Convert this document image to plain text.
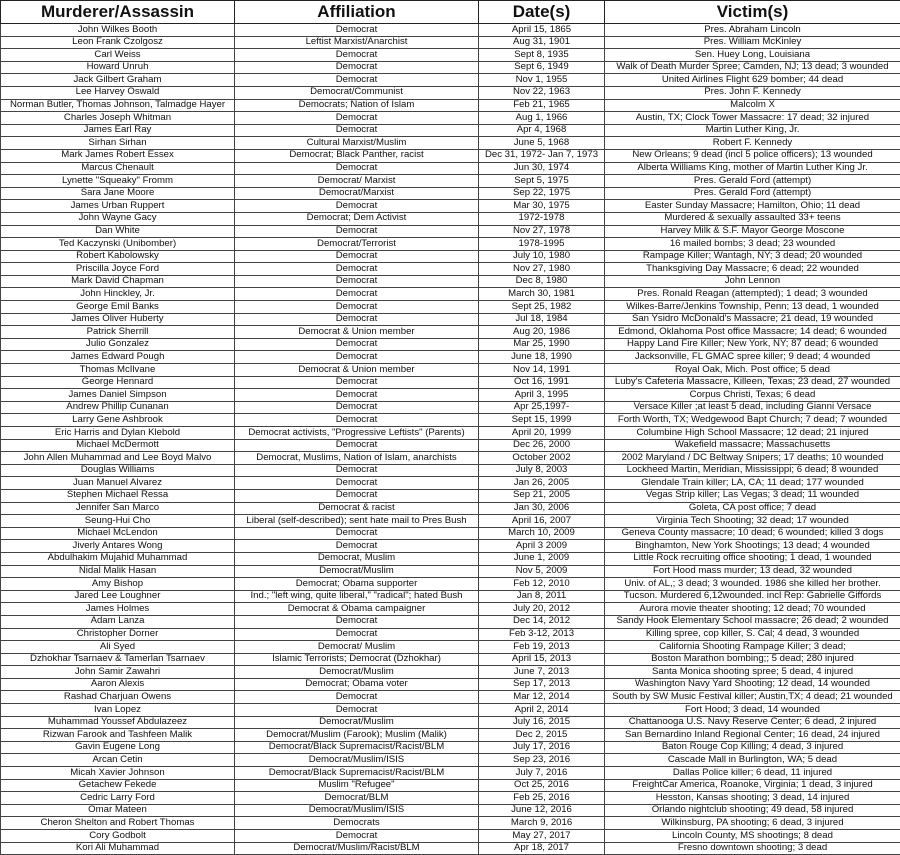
Murderer/Assassin	Affiliation	Date(s)	Victim(s)
John Wilkes Booth	Democrat	April 15, 1865	Pres. Abraham Lincoln
Leon Frank Czolgosz	Leftist Marxist/Anarchist	Aug 31, 1901	Pres. William McKinley
Carl Weiss	Democrat	Sept 8, 1935	Sen. Huey Long, Louisiana
Howard Unruh	Democrat	Sept 6, 1949	Walk of Death Murder Spree; Camden, NJ; 13 dead; 3 wounded
Jack Gilbert Graham	Democrat	Nov 1, 1955	United Airlines Flight 629 bomber; 44 dead
Lee Harvey Oswald	Democrat/Communist	Nov 22, 1963	Pres. John F. Kennedy
Norman Butler, Thomas Johnson, Talmadge Hayer	Democrats; Nation of Islam	Feb 21, 1965	Malcolm X
Charles Joseph Whitman	Democrat	Aug 1, 1966	Austin, TX; Clock Tower Massacre: 17 dead; 32 injured
James Earl Ray	Democrat	Apr 4, 1968	Martin Luther King, Jr.
Sirhan Sirhan	Cultural Marxist/Muslim	June 5, 1968	Robert F. Kennedy
Mark James Robert Essex	Democrat; Black Panther, racist	Dec 31, 1972- Jan 7, 1973	New Orleans; 9 dead (incl 5 police officers); 13 wounded
Marcus Chenault	Democrat	Jun 30, 1974	Alberta Williams King, mother of Martin Luther King Jr.
Lynette "Squeaky" Fromm	Democrat/ Marxist	Sept 5, 1975	Pres. Gerald Ford (attempt)
Sara Jane Moore	Democrat/Marxist	Sep 22, 1975	Pres. Gerald Ford (attempt)
James Urban Ruppert	Democrat	Mar 30, 1975	Easter Sunday Massacre; Hamilton, Ohio; 11 dead
John Wayne Gacy	Democrat; Dem Activist	1972-1978	Murdered & sexually assaulted 33+ teens
Dan White	Democrat	Nov 27, 1978	Harvey Milk & S.F. Mayor George Moscone
Ted Kaczynski (Unibomber)	Democrat/Terrorist	1978-1995	16 mailed bombs; 3 dead; 23 wounded
Robert Kabolowsky	Democrat	July 10, 1980	Rampage Killer; Wantagh, NY; 3 dead; 20 wounded
Priscilla Joyce Ford	Democrat	Nov 27, 1980	Thanksgiving Day Massacre; 6 dead; 22 wounded
Mark David Chapman	Democrat	Dec 8, 1980	John Lennon
John Hinckley, Jr.	Democrat	March 30, 1981	Pres. Ronald Reagan (attempted); 1 dead; 3 wounded
George Emil Banks	Democrat	Sept 25, 1982	Wilkes-Barre/Jenkins Township, Penn; 13 dead, 1 wounded
James Oliver Huberty	Democrat	Jul 18, 1984	San Ysidro McDonald's Massacre; 21 dead, 19 wounded
Patrick Sherrill	Democrat & Union member	Aug 20, 1986	Edmond, Oklahoma Post office Massacre; 14 dead; 6 wounded
Julio Gonzalez	Democrat	Mar 25, 1990	Happy Land Fire Killer; New York, NY; 87 dead; 6 wounded
James Edward Pough	Democrat	June 18, 1990	Jacksonville, FL GMAC spree killer; 9 dead; 4 wounded
Thomas McIlvane	Democrat & Union member	Nov 14, 1991	Royal Oak, Mich. Post office; 5 dead
George Hennard	Democrat	Oct 16, 1991	Luby's Cafeteria Massacre, Killeen, Texas; 23 dead, 27 wounded
James Daniel Simpson	Democrat	April 3, 1995	Corpus Christi, Texas; 6 dead
Andrew Phillip Cunanan	Democrat	Apr 25,1997-	Versace Killer ;at least 5 dead, including Gianni Versace
Larry Gene Ashbrook	Democrat	Sept 15, 1999	Forth Worth, TX; Wedgewood Bapt Church; 7 dead; 7 wounded
Eric Harris and Dylan Klebold	Democrat activists, "Progressive Leftists" (Parents)	April 20, 1999	Columbine High School Massacre; 12 dead; 21 injured
Michael McDermott	Democrat	Dec 26, 2000	Wakefield massacre; Massachusetts
John Allen Muhammad and Lee Boyd Malvo	Democrat, Muslims, Nation of Islam, anarchists	October 2002	2002 Maryland / DC Beltway Snipers; 17 deaths; 10 wounded
Douglas Williams	Democrat	July 8, 2003	Lockheed Martin, Meridian, Mississippi; 6 dead; 8 wounded
Juan Manuel Alvarez	Democrat	Jan 26, 2005	Glendale Train killer; LA, CA; 11 dead; 177 wounded
Stephen Michael Ressa	Democrat	Sep 21, 2005	Vegas Strip killer; Las Vegas; 3 dead; 11 wounded
Jennifer San Marco	Democrat & racist	Jan 30, 2006	Goleta, CA post office; 7 dead
Seung-Hui Cho	Liberal (self-described); sent hate mail to Pres Bush	April 16, 2007	Virginia Tech Shooting; 32 dead; 17 wounded
Michael McLendon	Democrat	March 10, 2009	Geneva County massacre; 10 dead; 6 wounded; killed 3 dogs
Jiverly Antares Wong	Democrat	April 3 2009	Binghamton, New York Shootings; 13 dead; 4 wounded
Abdulhakim Mujahid Muhammad	Democrat, Muslim	June 1, 2009	Little Rock recruiting office shooting; 1 dead, 1 wounded
Nidal Malik Hasan	Democrat/Muslim	Nov 5, 2009	Fort Hood mass murder; 13 dead, 32 wounded
Amy Bishop	Democrat; Obama supporter	Feb 12, 2010	Univ. of AL,; 3 dead; 3 wounded. 1986 she killed her brother.
Jared Lee Loughner	Ind.; "left wing, quite liberal," "radical"; hated Bush	Jan 8, 2011	Tucson. Murdered 6,12wounded. incl Rep: Gabrielle Giffords
James Holmes	Democrat & Obama campaigner	July 20, 2012	Aurora movie theater shooting; 12 dead; 70 wounded
Adam Lanza	Democrat	Dec 14, 2012	Sandy Hook Elementary School massacre; 26 dead; 2 wounded
Christopher Dorner	Democrat	Feb 3-12, 2013	Killing spree, cop killer, S. Cal; 4 dead, 3 wounded
Ali Syed	Democrat/ Muslim	Feb 19, 2013	California Shooting Rampage Killer; 3 dead;
Dzhokhar Tsarnaev & Tamerlan Tsarnaev	Islamic Terrorists; Democrat (Dzhokhar)	April 15, 2013	Boston Marathon bombing;; 5 dead; 280 injured
John Samir Zawahri	Democrat/Muslim	June 7, 2013	Santa Monica shooting spree; 5 dead, 4 injured
Aaron Alexis	Democrat; Obama voter	Sep 17, 2013	Washington Navy Yard Shooting; 12 dead, 14 wounded
Rashad Charjuan Owens	Democrat	Mar 12, 2014	South by SW Music Festival killer; Austin,TX; 4 dead; 21 wounded
Ivan Lopez	Democrat	April 2, 2014	Fort Hood; 3 dead, 14 wounded
Muhammad Youssef Abdulazeez	Democrat/Muslim	July 16, 2015	Chattanooga U.S. Navy Reserve Center; 6 dead, 2 injured
Rizwan Farook and Tashfeen Malik	Democrat/Muslim (Farook); Muslim (Malik)	Dec 2, 2015	San Bernardino Inland Regional Center; 16 dead, 24 injured
Gavin Eugene Long	Democrat/Black Supremacist/Racist/BLM	July 17, 2016	Baton Rouge Cop Killing; 4 dead, 3 injured
Arcan Cetin	Democrat/Muslim/ISIS	Sep 23, 2016	Cascade Mall in Burlington, WA; 5 dead
Micah Xavier Johnson	Democrat/Black Supremacist/Racist/BLM	July 7, 2016	Dallas Police killer; 6 dead, 11 injured
Getachew Fekede	Muslim "Refugee"	Oct 25, 2016	FreightCar America, Roanoke, Virginia; 1 dead, 3 injured
Cedric Larry Ford	Democrat/BLM	Feb 25, 2016	Hesston, Kansas shooting; 3 dead, 14 injured
Omar Mateen	Democrat/Muslim/ISIS	June 12, 2016	Orlando nightclub shooting; 49 dead, 58 injured
Cheron Shelton and Robert Thomas	Democrats	March 9, 2016	Wilkinsburg, PA shooting; 6 dead, 3 injured
Cory Godbolt	Democrat	May 27, 2017	Lincoln County, MS shootings; 8 dead
Kori Ali Muhammad	Democrat/Muslim/Racist/BLM	Apr 18, 2017	Fresno downtown shooting; 3 dead
